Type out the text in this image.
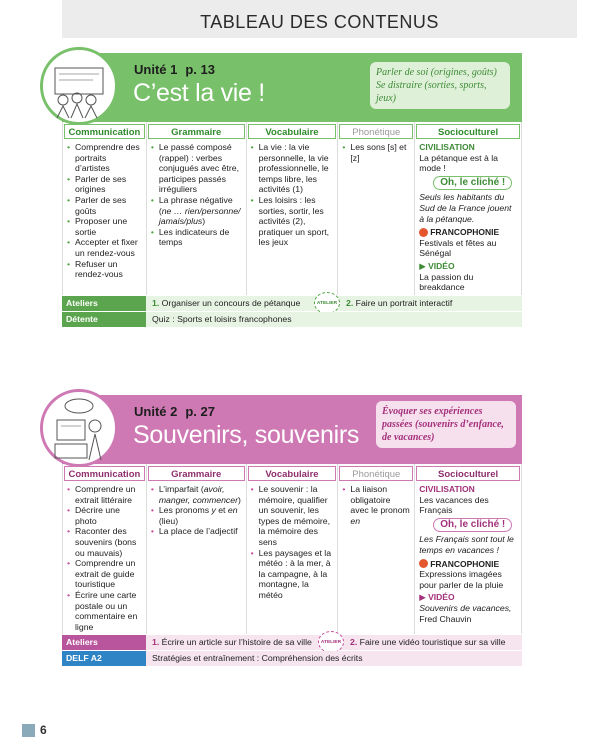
TABLEAU DES CONTENUS
Unité 1 p. 13
C’est la vie !
Parler de soi (origines, goûts)
Se distraire (sorties, sports, jeux)
Communication
• Comprendre des portraits d’artistes
• Parler de ses origines
• Parler de ses goûts
• Proposer une sortie
• Accepter et fixer un rendez-vous
• Refuser un rendez-vous
Grammaire
• Le passé composé (rappel) : verbes conjugués avec être, participes passés irréguliers
• La phrase négative (ne … rien/personne/ jamais/plus)
• Les indicateurs de temps
Vocabulaire
• La vie : la vie personnelle, la vie professionnelle, le temps libre, les activités (1)
• Les loisirs : les sorties, sortir, les activités (2), pratiquer un sport, les jeux
Phonétique
• Les sons [s] et [z]
Socioculturel
CIVILISATION
La pétanque est à la mode !
Oh, le cliché !
Seuls les habitants du Sud de la France jouent à la pétanque.
FRANCOPHONIE
Festivals et fêtes au Sénégal
▶ VIDÉO
La passion du breakdance
Ateliers	1. Organiser un concours de pétanque	ATELIER	2. Faire un portrait interactif
Détente	Quiz : Sports et loisirs francophones
Unité 2 p. 27
Souvenirs, souvenirs
Évoquer ses expériences passées (souvenirs d’enfance, de vacances)
Communication
• Comprendre un extrait littéraire
• Décrire une photo
• Raconter des souvenirs (bons ou mauvais)
• Comprendre un extrait de guide touristique
• Écrire une carte postale ou un commentaire en ligne
Grammaire
• L’imparfait (avoir, manger, commencer)
• Les pronoms y et en (lieu)
• La place de l’adjectif
Vocabulaire
• Le souvenir : la mémoire, qualifier un souvenir, les types de mémoire, la mémoire des sens
• Les paysages et la météo : à la mer, à la campagne, à la montagne, la météo
Phonétique
• La liaison obligatoire avec le pronom en
Socioculturel
CIVILISATION
Les vacances des Français
Oh, le cliché !
Les Français sont tout le temps en vacances !
FRANCOPHONIE
Expressions imagées pour parler de la pluie
▶ VIDÉO
Souvenirs de vacances,
Fred Chauvin
Ateliers	1. Écrire un article sur l’histoire de sa ville	ATELIER	2. Faire une vidéo touristique sur sa ville
DELF A2	Stratégies et entraînement : Compréhension des écrits
6
